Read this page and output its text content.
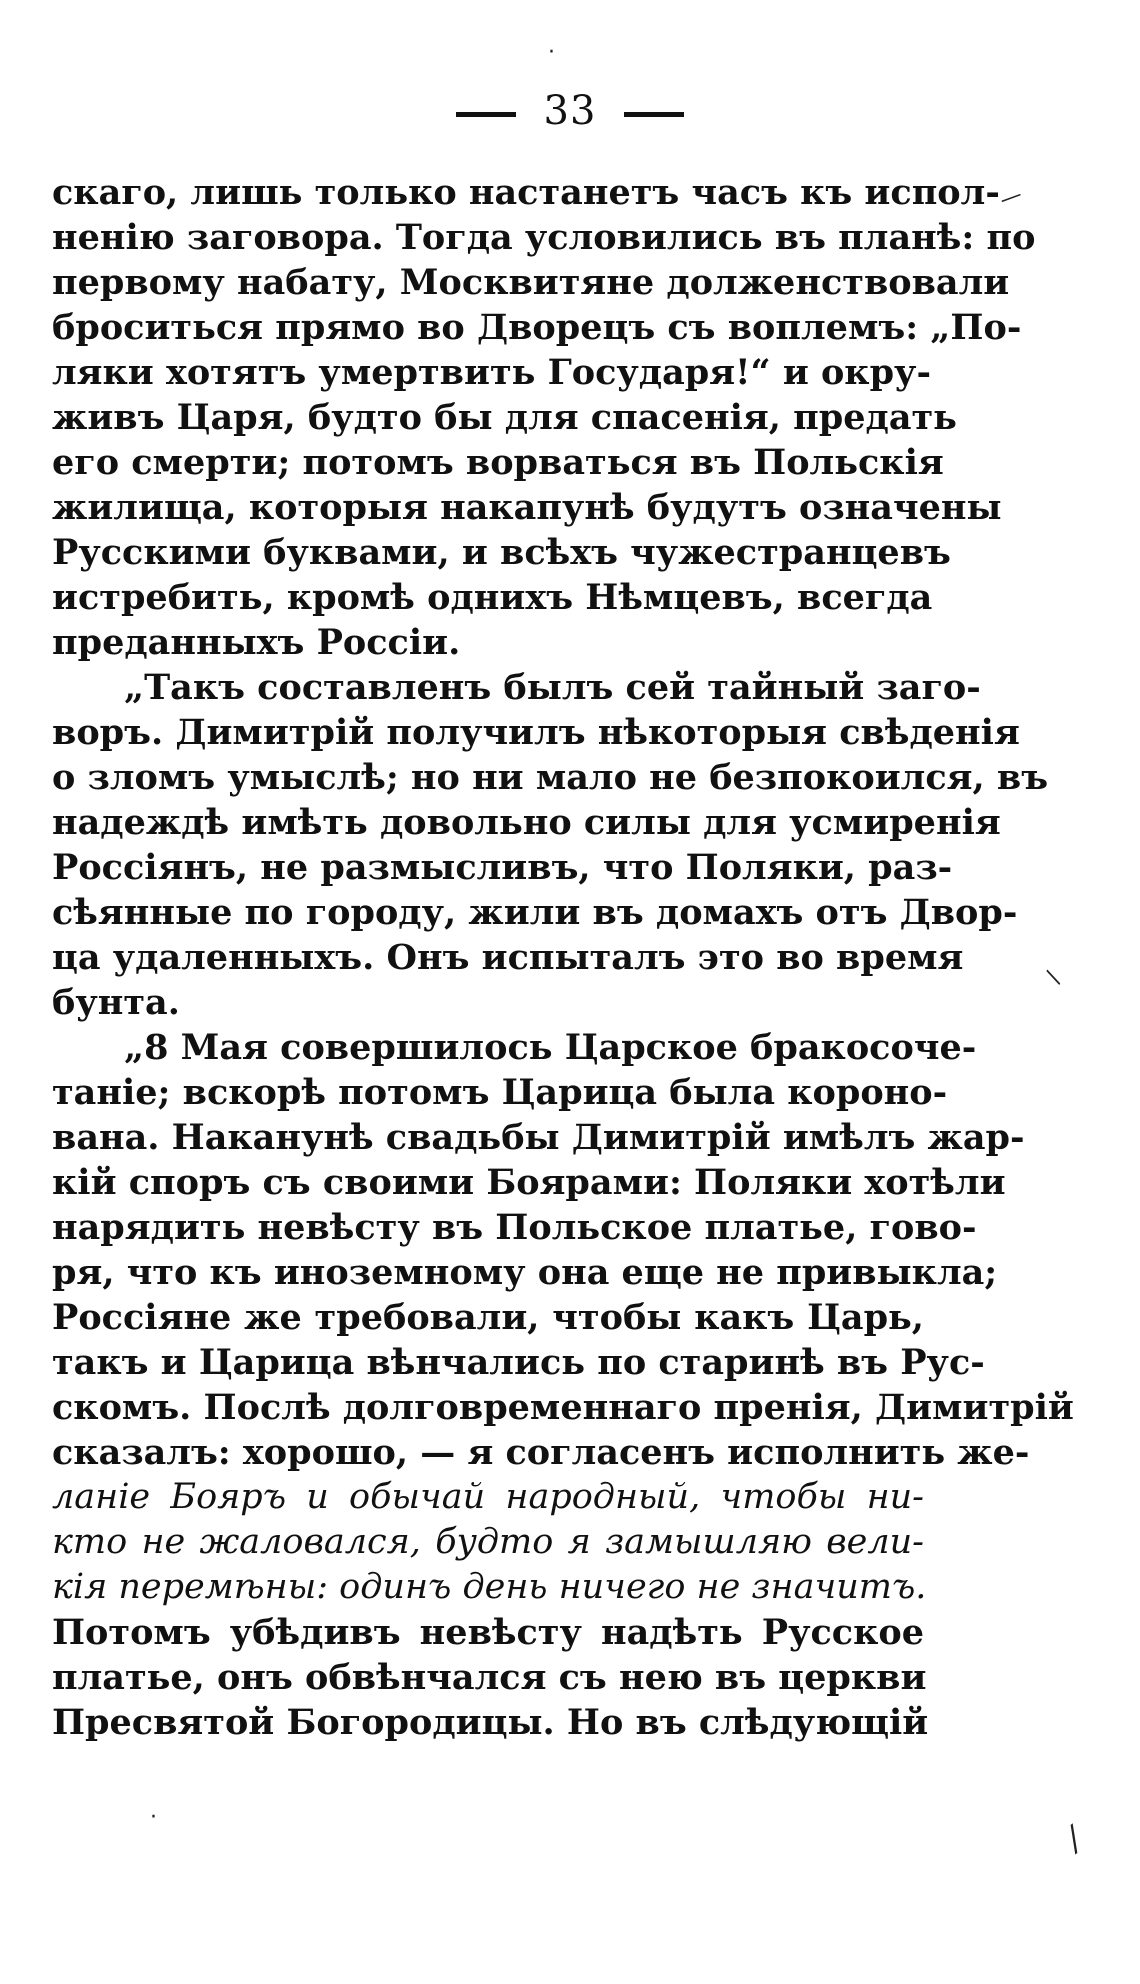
33
скаго, лишь только настанетъ часъ къ испол-
ненію заговора. Тогда условились въ планѣ: по
первому набату, Москвитяне долженствовали
броситься прямо во Дворецъ съ воплемъ: „По-
ляки хотятъ умертвить Государя!“ и окру-
живъ Царя, будто бы для спасенія, предать
его смерти; потомъ ворваться въ Польскія
жилища, которыя накапунѣ будутъ означены
Русскими буквами, и всѣхъ чужестранцевъ
истребить, кромѣ однихъ Нѣмцевъ, всегда
преданныхъ Россіи.
„Такъ составленъ былъ сей тайный заго-
воръ. Димитрій получилъ нѣкоторыя свѣденія
о зломъ умыслѣ; но ни мало не безпокоился, въ
надеждѣ имѣть довольно силы для усмиренія
Россіянъ, не размысливъ, что Поляки, раз-
сѣянные по городу, жили въ домахъ отъ Двор-
ца удаленныхъ. Онъ испыталъ это во время
бунта.
„8 Мая совершилось Царское бракосоче-
таніе; вскорѣ потомъ Царица была короно-
вана. Наканунѣ свадьбы Димитрій имѣлъ жар-
кій споръ съ своими Боярами: Поляки хотѣли
нарядить невѣсту въ Польское платье, гово-
ря, что къ иноземному она еще не привыкла;
Россіяне же требовали, чтобы какъ Царь,
такъ и Царица вѣнчались по старинѣ въ Рус-
скомъ. Послѣ долговременнаго пренія, Димитрій
сказалъ: хорошо, — я согласенъ исполнить же-
ланіе Бояръ и обычай народный, чтобы ни-
кто не жаловался, будто я замышляю вели-
кія перемѣны: одинъ день ничего не значитъ.
Потомъ убѣдивъ невѣсту надѣть Русское
платье, онъ обвѣнчался съ нею въ церкви
Пресвятой Богородицы. Но въ слѣдующій
·
—
/
⁄
·
